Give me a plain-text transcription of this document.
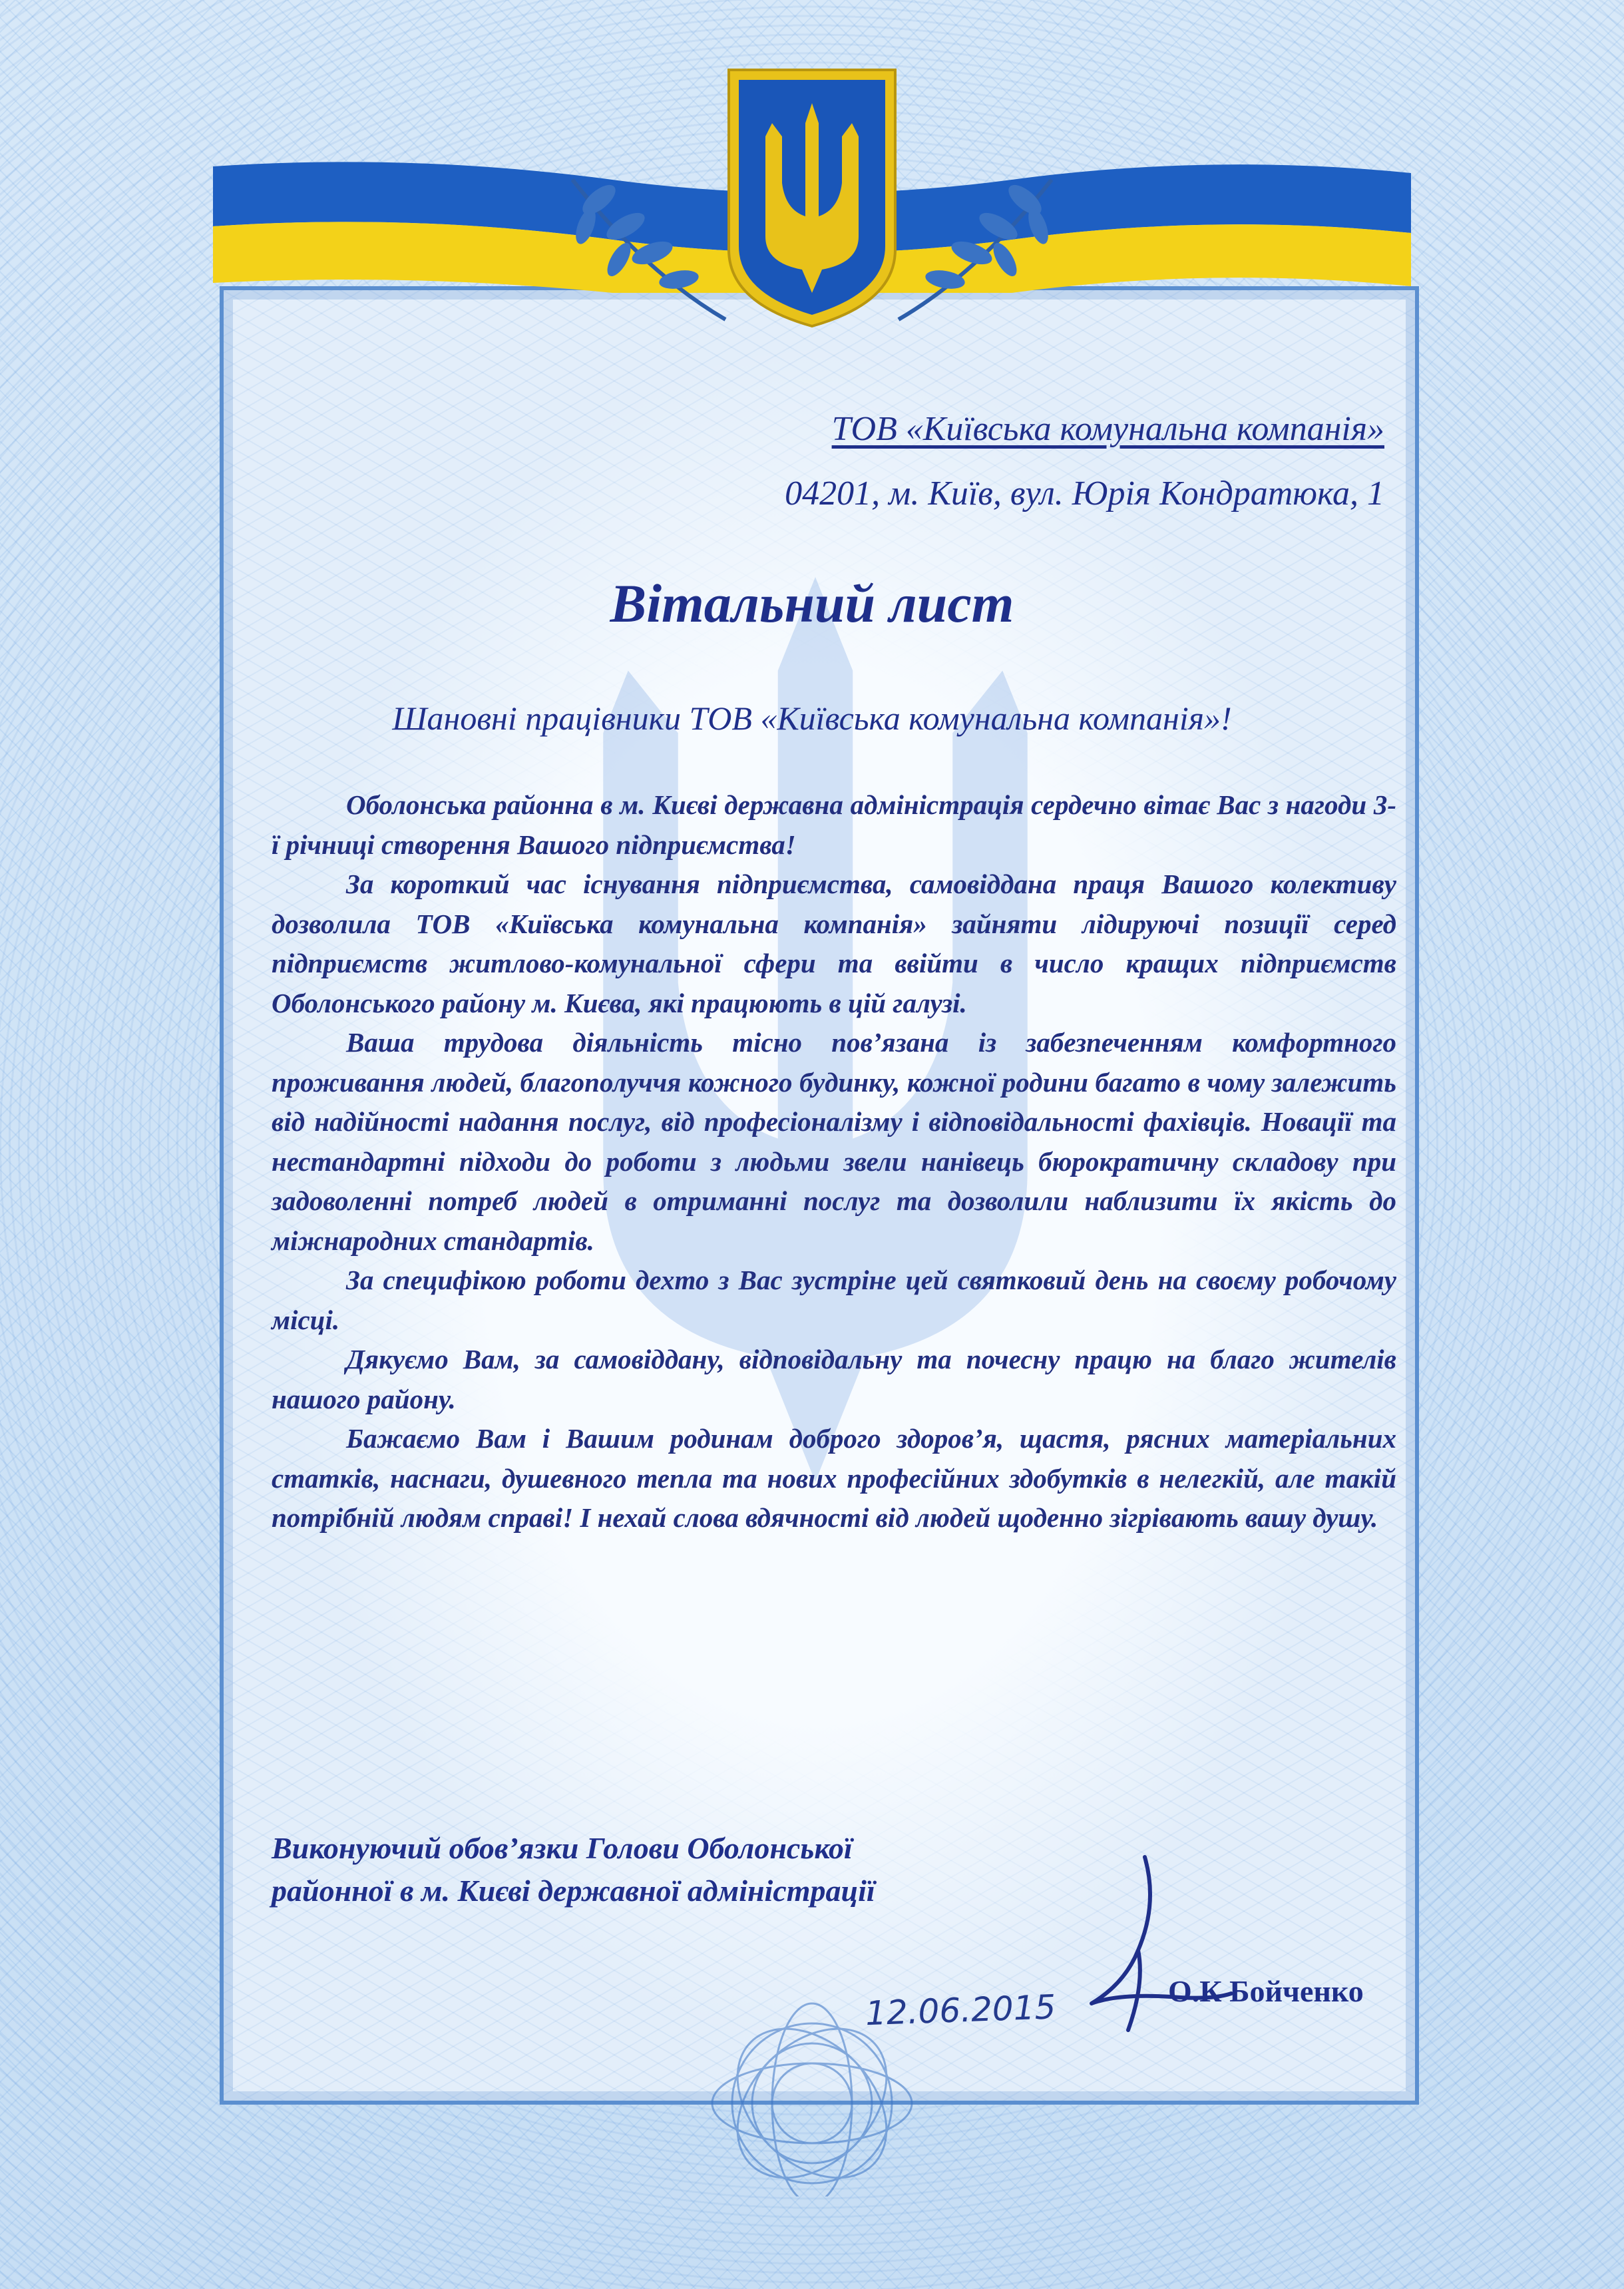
ТОВ «Київська комунальна компанія»
04201, м. Київ, вул. Юрія Кондратюка, 1
Вітальний лист
Шановні працівники ТОВ «Київська комунальна компанія»!

Оболонська районна в м. Києві державна адміністрація сердечно вітає Вас з нагоди 3-ї річниці створення Вашого підприємства!

За короткий час існування підприємства, самовіддана праця Вашого колективу дозволила ТОВ «Київська комунальна компанія» зайняти лідируючі позиції серед підприємств житлово-комунальної сфери та ввійти в число кращих підприємств Оболонського району м. Києва, які працюють в цій галузі.

Ваша трудова діяльність тісно пов’язана із забезпеченням комфортного проживання людей, благополуччя кожного будинку, кожної родини багато в чому залежить від надійності надання послуг, від професіоналізму і відповідальності фахівців. Новації та нестандартні підходи до роботи з людьми звели нанівець бюрократичну складову при задоволенні потреб людей в отриманні послуг та дозволили наблизити їх якість до міжнародних стандартів.

За специфікою роботи дехто з Вас зустріне цей святковий день на своєму робочому місці.

Дякуємо Вам, за самовіддану, відповідальну та почесну працю на благо жителів нашого району.

Бажаємо Вам і Вашим родинам доброго здоров’я, щастя, рясних матеріальних статків, наснаги, душевного тепла та нових професійних здобутків в нелегкій, але такій потрібній людям справі! І нехай слова вдячності від людей щоденно зігрівають вашу душу.

Виконуючий обов’язки Голови Оболонської
районної в м. Києві державної адміністрації
12.06.2015	О.К Бойченко
